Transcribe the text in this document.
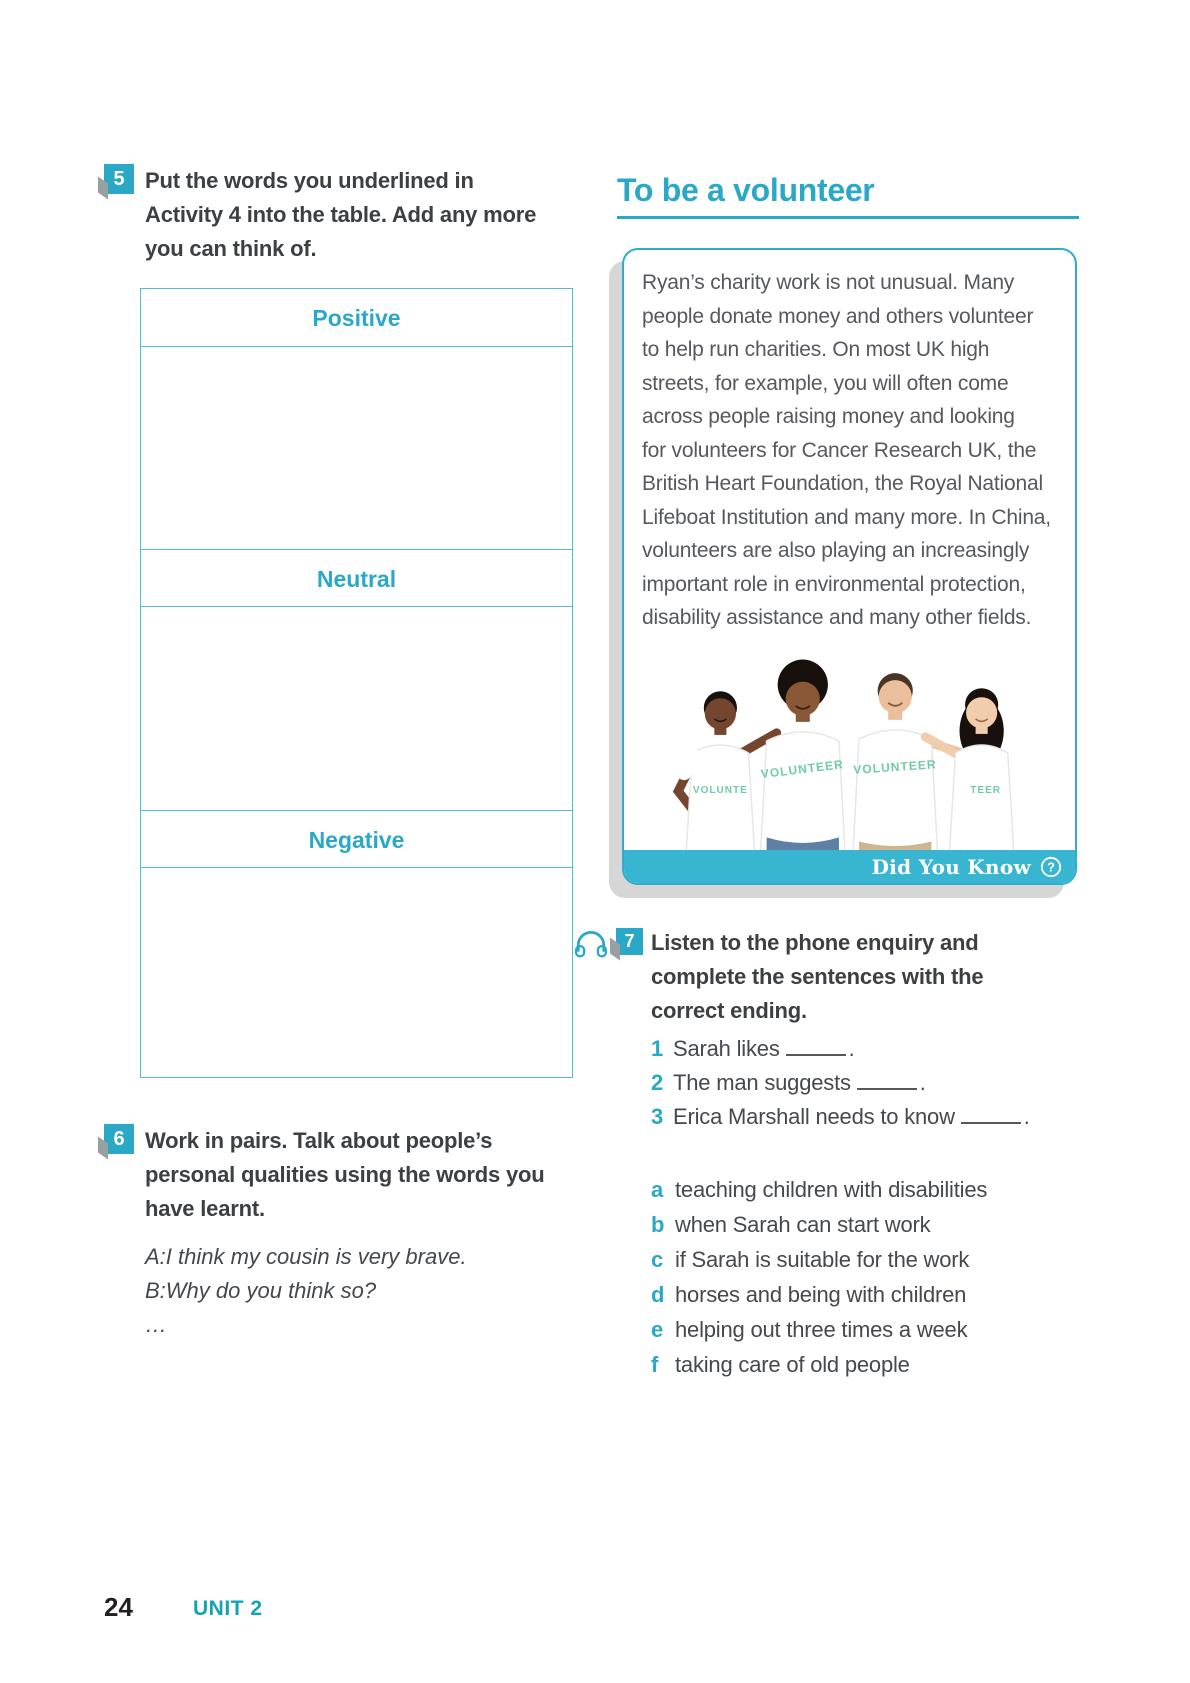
5 Put the words you underlined in
Activity 4 into the table. Add any more
you can think of.
Positive
Neutral
Negative
6 Work in pairs. Talk about people’s
personal qualities using the words you
have learnt.
A:I think my cousin is very brave.
B:Why do you think so?
…
To be a volunteer
Ryan’s charity work is not unusual. Many
people donate money and others volunteer
to help run charities. On most UK high
streets, for example, you will often come
across people raising money and looking
for volunteers for Cancer Research UK, the
British Heart Foundation, the Royal National
Lifeboat Institution and many more. In China,
volunteers are also playing an increasingly
important role in environmental protection,
disability assistance and many other fields.
VOLUNTE
VOLUNTEER VOLUNTEER
TEER
Did You Know ?
7 Listen to the phone enquiry and
complete the sentences with the
correct ending.
1 Sarah likes	.
2 The man suggests	.
3 Erica Marshall needs to know	.
a teaching children with disabilities
b when Sarah can start work
c if Sarah is suitable for the work
d horses and being with children
e helping out three times a week
f taking care of old people
24	UNIT 2
